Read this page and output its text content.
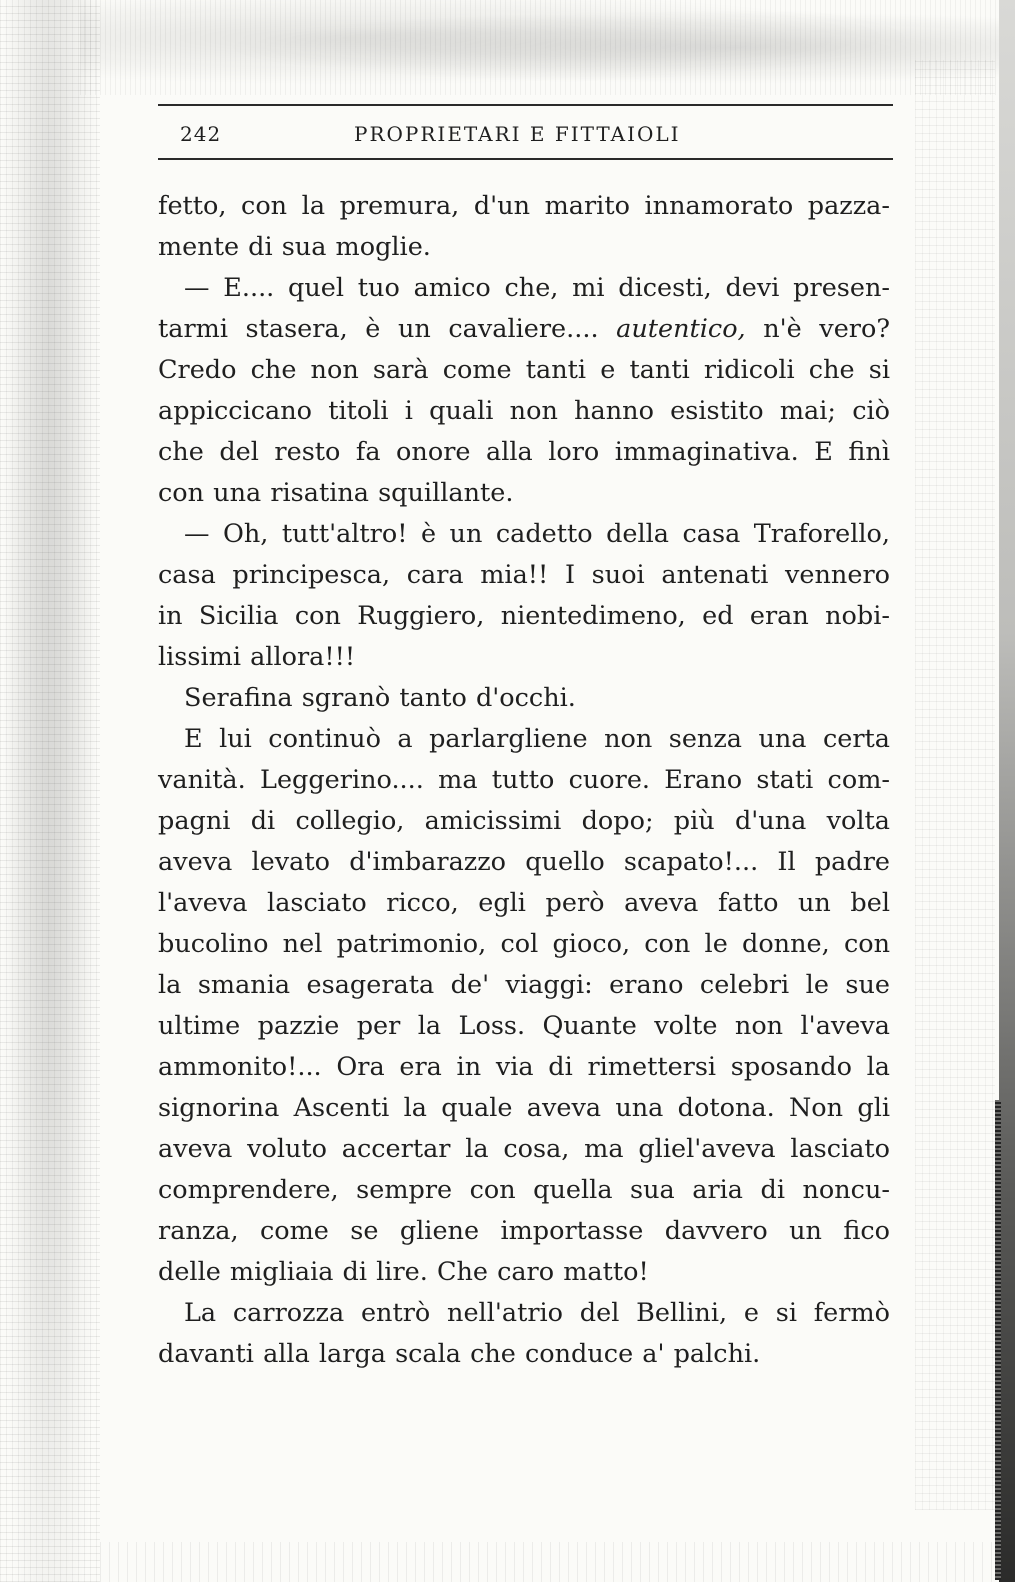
242	PROPRIETARI E FITTAIOLI
fetto, con la premura, d'un marito innamorato pazza-
mente di sua moglie.
— E.... quel tuo amico che, mi dicesti, devi presen-
tarmi stasera, è un cavaliere.... autentico, n'è vero?
Credo che non sarà come tanti e tanti ridicoli che si
appiccicano titoli i quali non hanno esistito mai; ciò
che del resto fa onore alla loro immaginativa. E finì
con una risatina squillante.
— Oh, tutt'altro! è un cadetto della casa Traforello,
casa principesca, cara mia!! I suoi antenati vennero
in Sicilia con Ruggiero, nientedimeno, ed eran nobi-
lissimi allora!!!
Serafina sgranò tanto d'occhi.
E lui continuò a parlargliene non senza una certa
vanità. Leggerino.... ma tutto cuore. Erano stati com-
pagni di collegio, amicissimi dopo; più d'una volta
aveva levato d'imbarazzo quello scapato!... Il padre
l'aveva lasciato ricco, egli però aveva fatto un bel
bucolino nel patrimonio, col gioco, con le donne, con
la smania esagerata de' viaggi: erano celebri le sue
ultime pazzie per la Loss. Quante volte non l'aveva
ammonito!... Ora era in via di rimettersi sposando la
signorina Ascenti la quale aveva una dotona. Non gli
aveva voluto accertar la cosa, ma gliel'aveva lasciato
comprendere, sempre con quella sua aria di noncu-
ranza, come se gliene importasse davvero un fico
delle migliaia di lire. Che caro matto!
La carrozza entrò nell'atrio del Bellini, e si fermò
davanti alla larga scala che conduce a' palchi.
